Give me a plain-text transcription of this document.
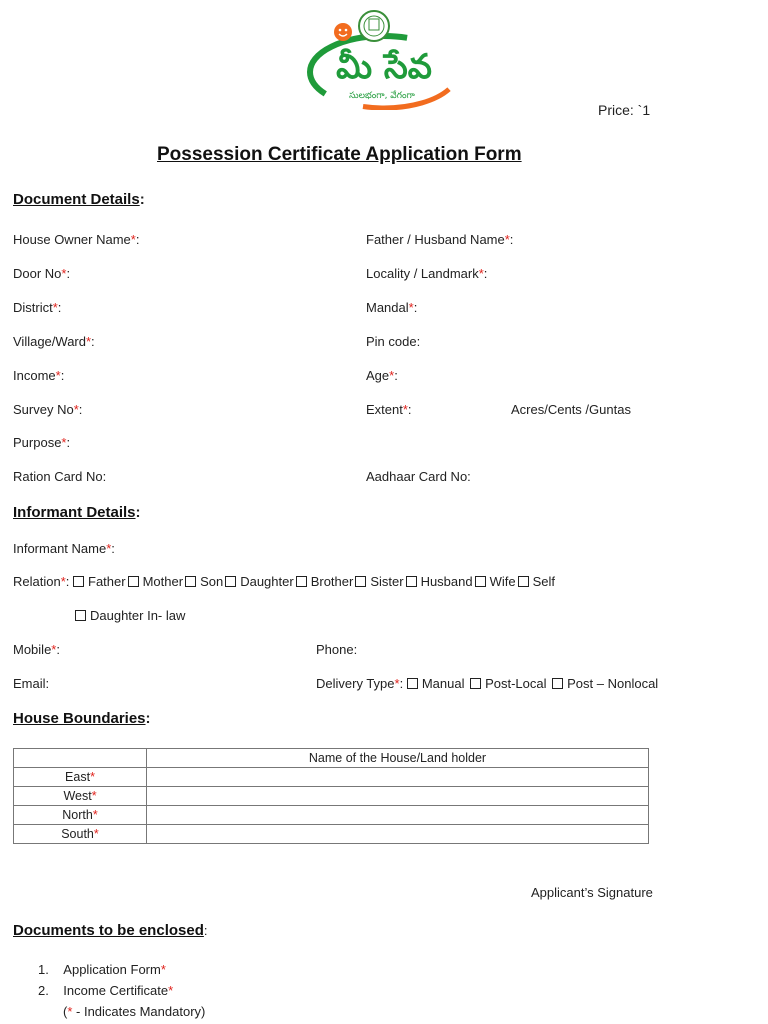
మీ సేవ
సులభంగా, వేగంగా
Price: `1
Possession Certificate Application Form
Document Details:
House Owner Name*:	Father / Husband Name*:
Door No*:	Locality / Landmark*:
District*:	Mandal*:
Village/Ward*:	Pin code:
Income*:	Age*:
Survey No*:	Extent*:	Acres/Cents /Guntas
Purpose*:
Ration Card No:	Aadhaar Card No:
Informant Details:
Informant Name*:
Relation*: Father Mother Son Daughter Brother Sister Husband Wife Self
Daughter In- law
Mobile*:	Phone:
Email:	Delivery Type*: Manual Post-Local Post – Nonlocal
House Boundaries:
	Name of the House/Land holder
East*	
West*	
North*	
South*	
Applicant’s Signature
Documents to be enclosed:
1.    Application Form*
2.    Income Certificate*
(* - Indicates Mandatory)
